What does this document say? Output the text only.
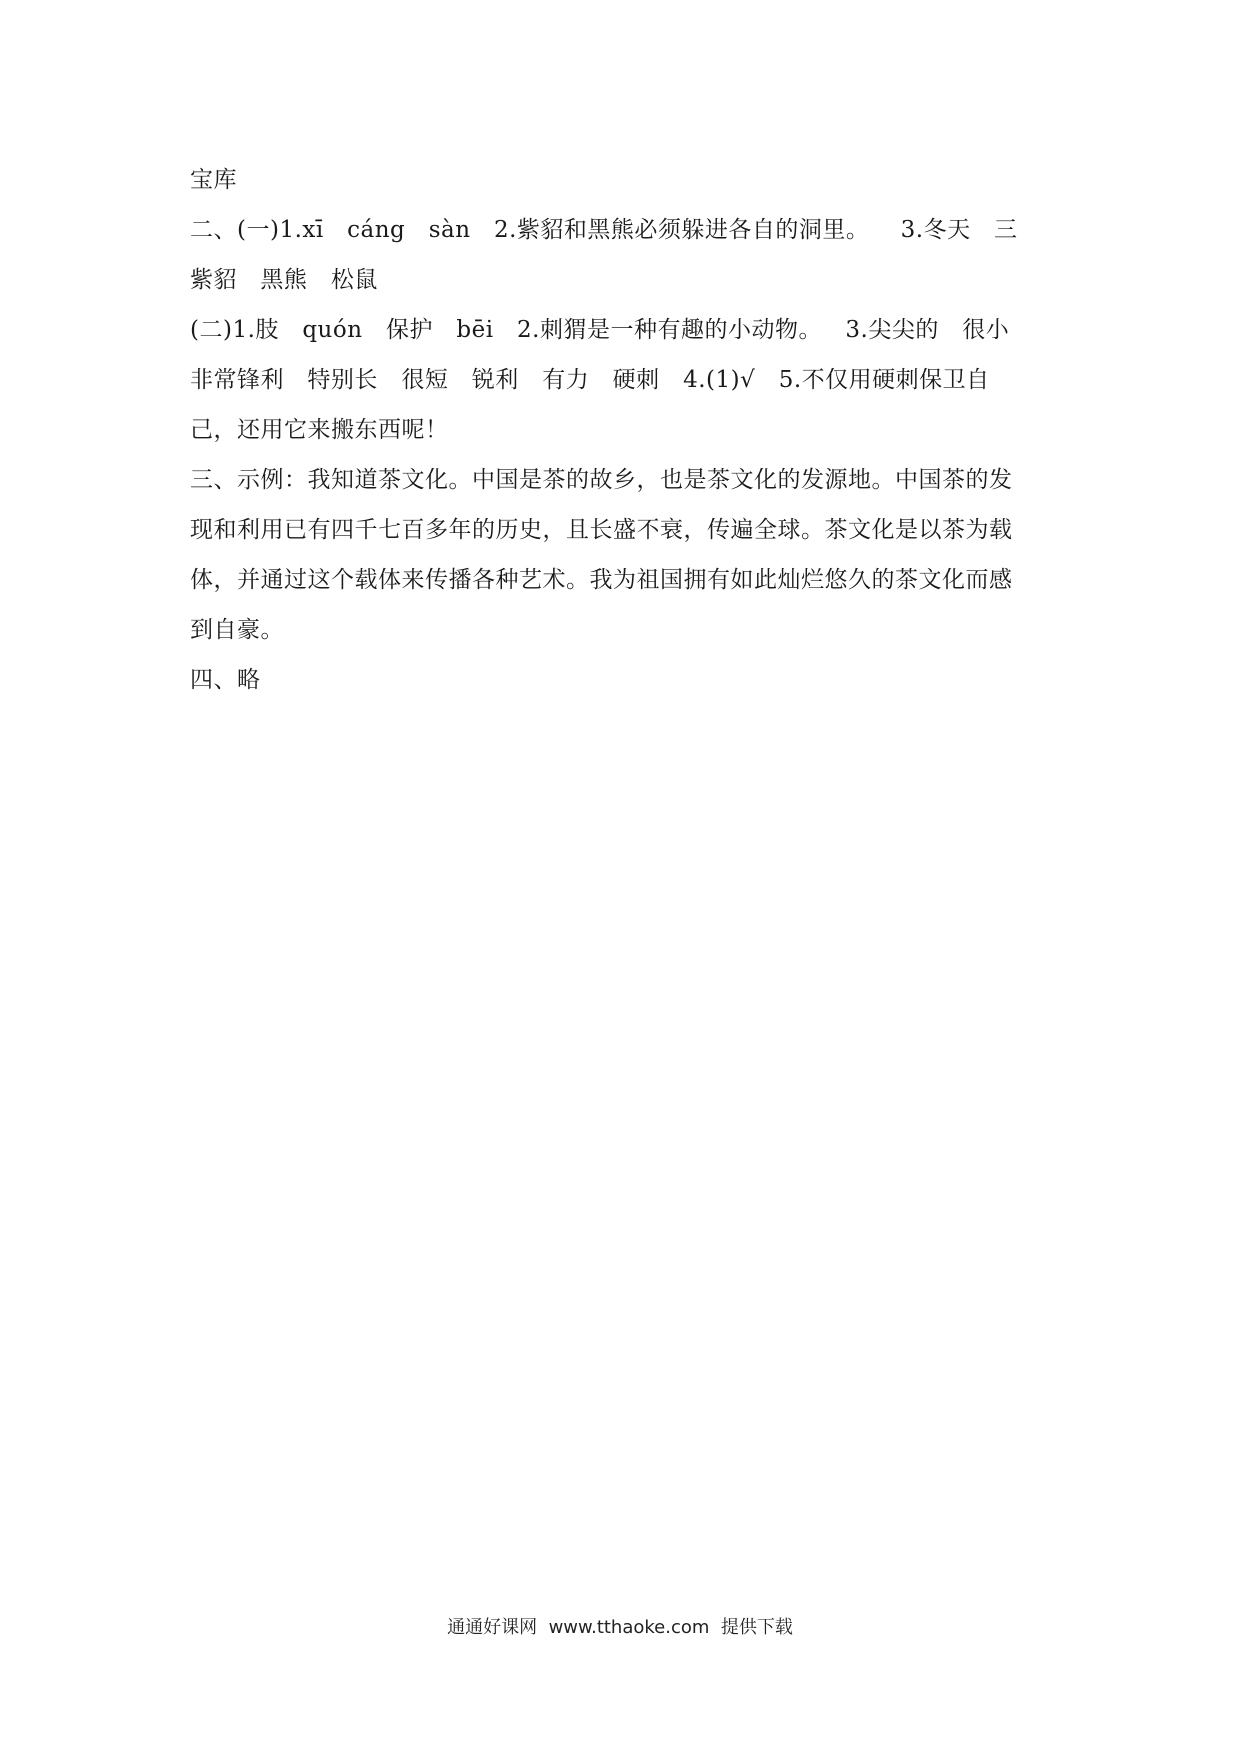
宝库
二、(一)1.xī   cáng   sàn   2.紫貂和黑熊必须躲进各自的洞里。    3.冬天   三
紫貂   黑熊   松鼠
(二)1.肢   quón   保护   bēi   2.刺猬是一种有趣的小动物。   3.尖尖的   很小
非常锋利   特别长   很短   锐利   有力   硬刺   4.(1)√   5.不仅用硬刺保卫自
己，还用它来搬东西呢！
三、示例：我知道茶文化。中国是茶的故乡，也是茶文化的发源地。中国茶的发
现和利用已有四千七百多年的历史，且长盛不衰，传遍全球。茶文化是以茶为载
体，并通过这个载体来传播各种艺术。我为祖国拥有如此灿烂悠久的茶文化而感
到自豪。
四、略
通通好课网  www.tthaoke.com  提供下载
